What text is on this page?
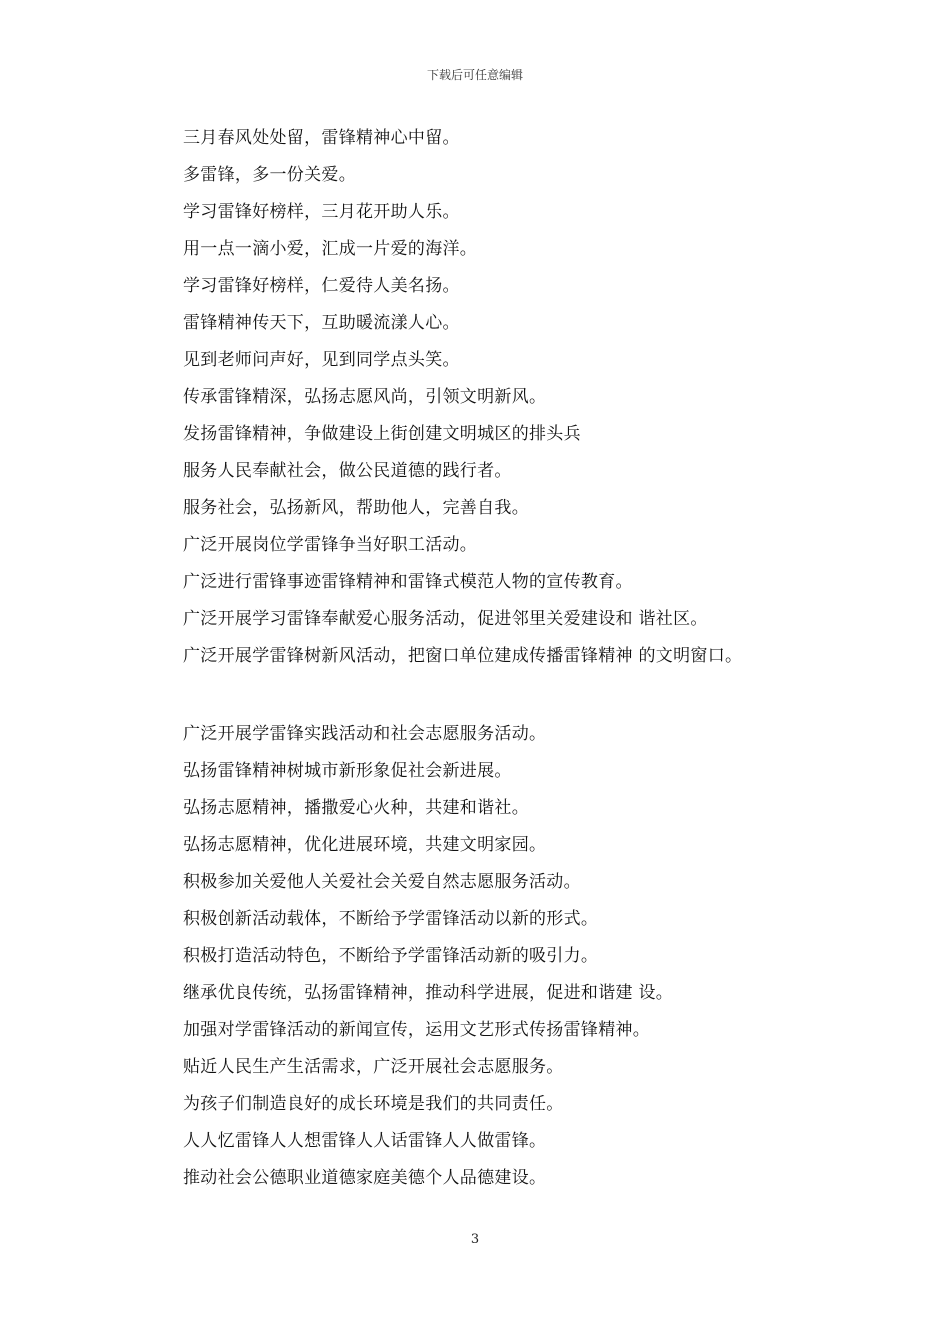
下载后可任意编辑
三月春风处处留，雷锋精神心中留。
多雷锋，多一份关爱。
学习雷锋好榜样，三月花开助人乐。
用一点一滴小爱，汇成一片爱的海洋。
学习雷锋好榜样，仁爱待人美名扬。
雷锋精神传天下，互助暖流漾人心。
见到老师问声好，见到同学点头笑。
传承雷锋精深，弘扬志愿风尚，引领文明新风。
发扬雷锋精神，争做建设上街创建文明城区的排头兵
服务人民奉献社会，做公民道德的践行者。
服务社会，弘扬新风，帮助他人，完善自我。
广泛开展岗位学雷锋争当好职工活动。
广泛进行雷锋事迹雷锋精神和雷锋式模范人物的宣传教育。
广泛开展学习雷锋奉献爱心服务活动，促进邻里关爱建设和 谐社区。
广泛开展学雷锋树新风活动，把窗口单位建成传播雷锋精神 的文明窗口。
广泛开展学雷锋实践活动和社会志愿服务活动。
弘扬雷锋精神树城市新形象促社会新进展。
弘扬志愿精神，播撒爱心火种，共建和谐社。
弘扬志愿精神，优化进展环境，共建文明家园。
积极参加关爱他人关爱社会关爱自然志愿服务活动。
积极创新活动载体，不断给予学雷锋活动以新的形式。
积极打造活动特色，不断给予学雷锋活动新的吸引力。
继承优良传统，弘扬雷锋精神，推动科学进展，促进和谐建 设。
加强对学雷锋活动的新闻宣传，运用文艺形式传扬雷锋精神。
贴近人民生产生活需求，广泛开展社会志愿服务。
为孩子们制造良好的成长环境是我们的共同责任。
人人忆雷锋人人想雷锋人人话雷锋人人做雷锋。
推动社会公德职业道德家庭美德个人品德建设。
3
